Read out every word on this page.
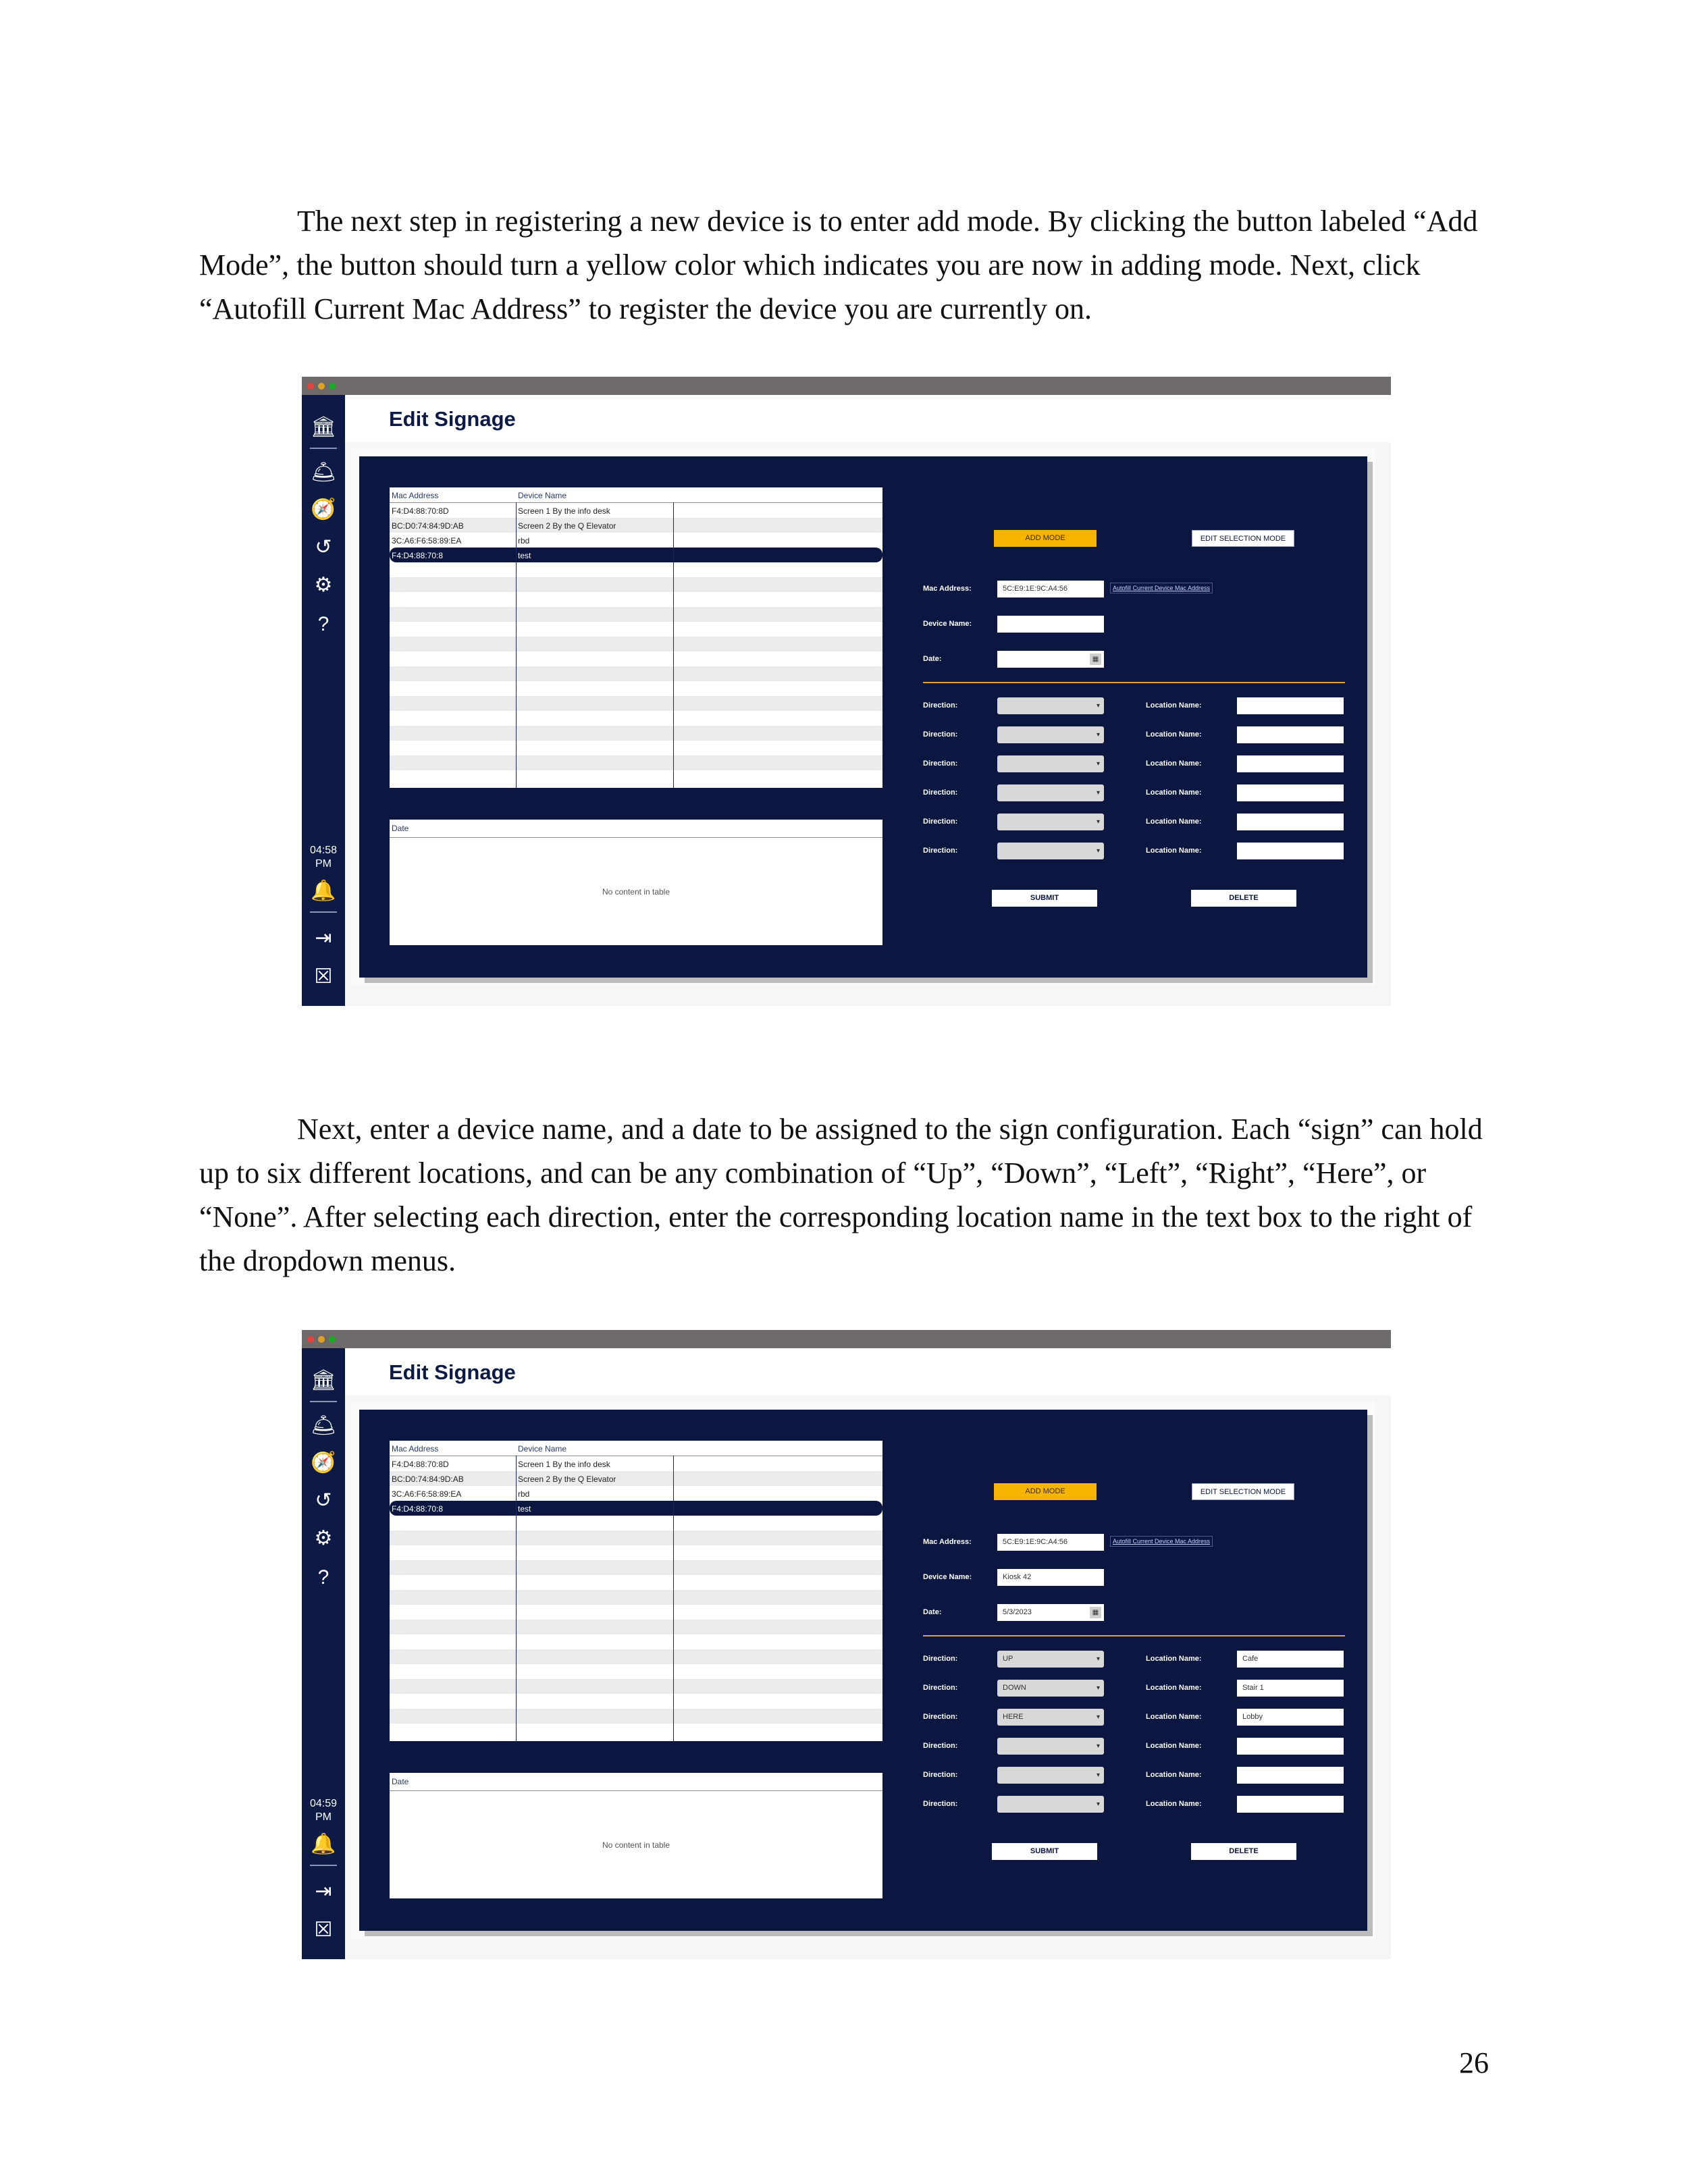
The next step in registering a new device is to enter add mode. By clicking the button labeled “Add Mode”, the button should turn a yellow color which indicates you are now in adding mode. Next, click “Autofill Current Mac Address” to register the device you are currently on.

Next, enter a device name, and a date to be assigned to the sign configuration. Each “sign” can hold up to six different locations, and can be any combination of “Up”, “Down”, “Left”, “Right”, “Here”, or “None”. After selecting each direction, enter the corresponding location name in the text box to the right of the dropdown menus.

26
🏛
🛎
🧭
↺
⚙
?
04:58
PM
🔔
⇥
☒
Edit Signage
Mac Address	Device Name
F4:D4:88:70:8D	Screen 1 By the info desk
BC:D0:74:84:9D:AB	Screen 2 By the Q Elevator
3C:A6:F6:58:89:EA	rbd
F4:D4:88:70:8	test
Date
No content in table
ADD MODE	EDIT SELECTION MODE
Mac Address:	5C:E9:1E:9C:A4:56	Autofill Current Device Mac Address
Device Name:
Date:	▦
Direction:	▾	Location Name:
Direction:	▾	Location Name:
Direction:	▾	Location Name:
Direction:	▾	Location Name:
Direction:	▾	Location Name:
Direction:	▾	Location Name:
SUBMIT	DELETE
🏛
🛎
🧭
↺
⚙
?
04:59
PM
🔔
⇥
☒
Edit Signage
Mac Address	Device Name
F4:D4:88:70:8D	Screen 1 By the info desk
BC:D0:74:84:9D:AB	Screen 2 By the Q Elevator
3C:A6:F6:58:89:EA	rbd
F4:D4:88:70:8	test
Date
No content in table
ADD MODE	EDIT SELECTION MODE
Mac Address:	5C:E9:1E:9C:A4:56	Autofill Current Device Mac Address
Device Name:	Kiosk 42
Date:	5/3/2023	▦
Direction:	UP	▾	Location Name:	Cafe
Direction:	DOWN	▾	Location Name:	Stair 1
Direction:	HERE	▾	Location Name:	Lobby
Direction:	▾	Location Name:
Direction:	▾	Location Name:
Direction:	▾	Location Name:
SUBMIT	DELETE
